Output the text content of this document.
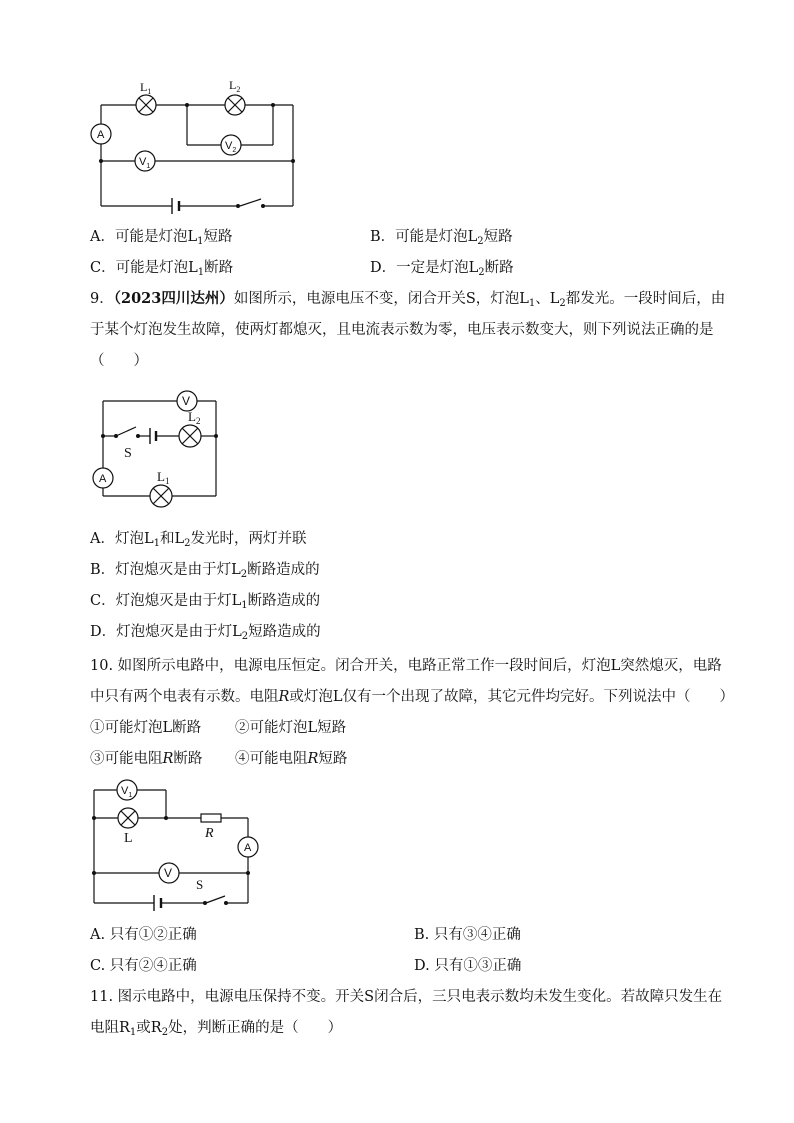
$L_1$	$L_2$
A
$V_2$
$V_1$
A．可能是灯泡$L_1$短路	B．可能是灯泡$L_2$短路
C．可能是灯泡$L_1$断路	D．一定是灯泡$L_2$断路
9．（2023四川达州）如图所示，电源电压不变，闭合开关S，灯泡$L_1$、$L_2$都发光。一段时间后，由
于某个灯泡发生故障，使两灯都熄灭，且电流表示数为零，电压表示数变大，则下列说法正确的是
（　　）
V
$L_2$
S
A	$L_1$
A．灯泡$L_1$和$L_2$发光时，两灯并联
B．灯泡熄灭是由于灯$L_2$断路造成的
C．灯泡熄灭是由于灯$L_1$断路造成的
D．灯泡熄灭是由于灯$L_2$短路造成的
10. 如图所示电路中，电源电压恒定。闭合开关，电路正常工作一段时间后，灯泡L突然熄灭，电路
中只有两个电表有示数。电阻R或灯泡L仅有一个出现了故障，其它元件均完好。下列说法中（　　）
①可能灯泡L断路 ②可能灯泡L短路
③可能电阻R断路 ④可能电阻R短路
$V_1$
L	R
A
V
S
A. 只有①②正确	B. 只有③④正确
C. 只有②④正确	D. 只有①③正确
11. 图示电路中，电源电压保持不变。开关S闭合后，三只电表示数均未发生变化。若故障只发生在
电阻$R_1$或$R_2$处，判断正确的是（　　）
